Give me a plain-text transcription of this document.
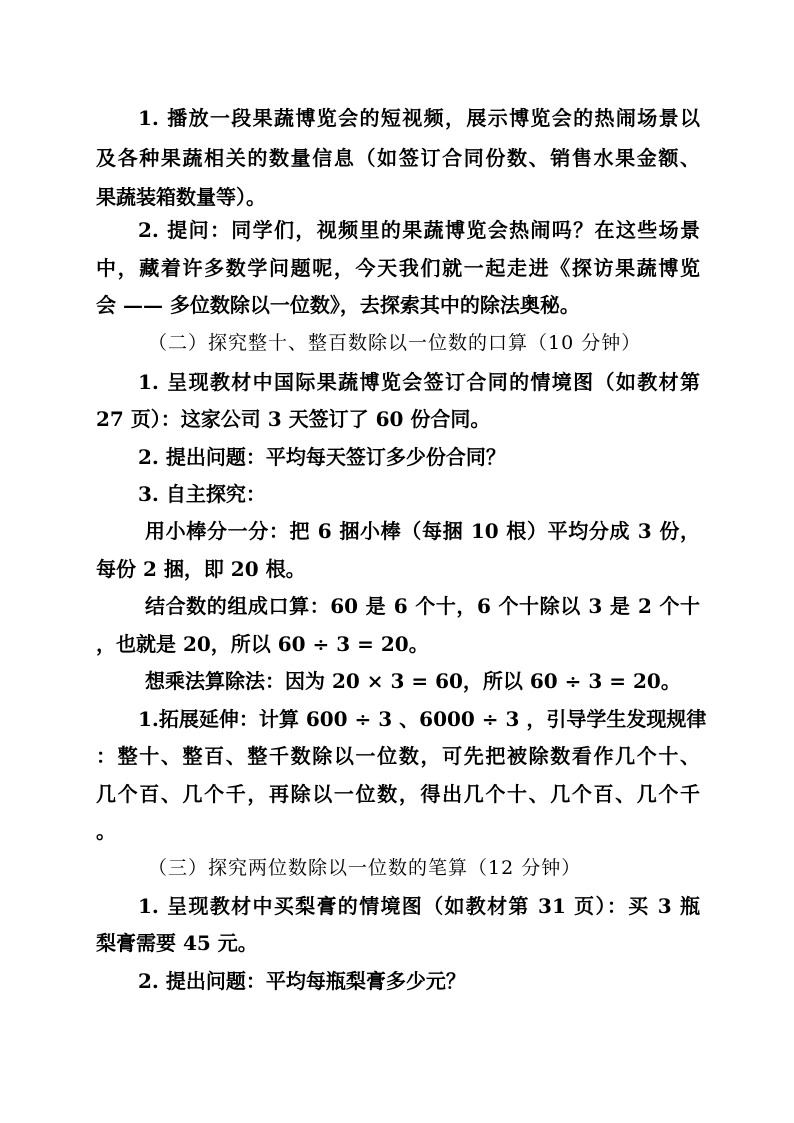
1. 播放一段果蔬博览会的短视频，展示博览会的热闹场景以
及各种果蔬相关的数量信息（如签订合同份数、销售水果金额、
果蔬装箱数量等）。
2. 提问：同学们，视频里的果蔬博览会热闹吗？在这些场景
中，藏着许多数学问题呢，今天我们就一起走进《探访果蔬博览
会 —— 多位数除以一位数》，去探索其中的除法奥秘。
（二）探究整十、整百数除以一位数的口算（10 分钟）
1. 呈现教材中国际果蔬博览会签订合同的情境图（如教材第
27 页）：这家公司 3 天签订了 60 份合同。
2. 提出问题：平均每天签订多少份合同？
3. 自主探究：
用小棒分一分：把 6 捆小棒（每捆 10 根）平均分成 3 份，
每份 2 捆，即 20 根。
结合数的组成口算：60 是 6 个十，6 个十除以 3 是 2 个十
，也就是 20，所以 60 ÷ 3 = 20。
想乘法算除法：因为 20 × 3 = 60，所以 60 ÷ 3 = 20。
1.拓展延伸：计算 600 ÷ 3 、6000 ÷ 3 ，引导学生发现规律
：整十、整百、整千数除以一位数，可先把被除数看作几个十、
几个百、几个千，再除以一位数，得出几个十、几个百、几个千
。
（三）探究两位数除以一位数的笔算（12 分钟）
1. 呈现教材中买梨膏的情境图（如教材第 31 页）：买 3 瓶
梨膏需要 45 元。
2. 提出问题：平均每瓶梨膏多少元？
